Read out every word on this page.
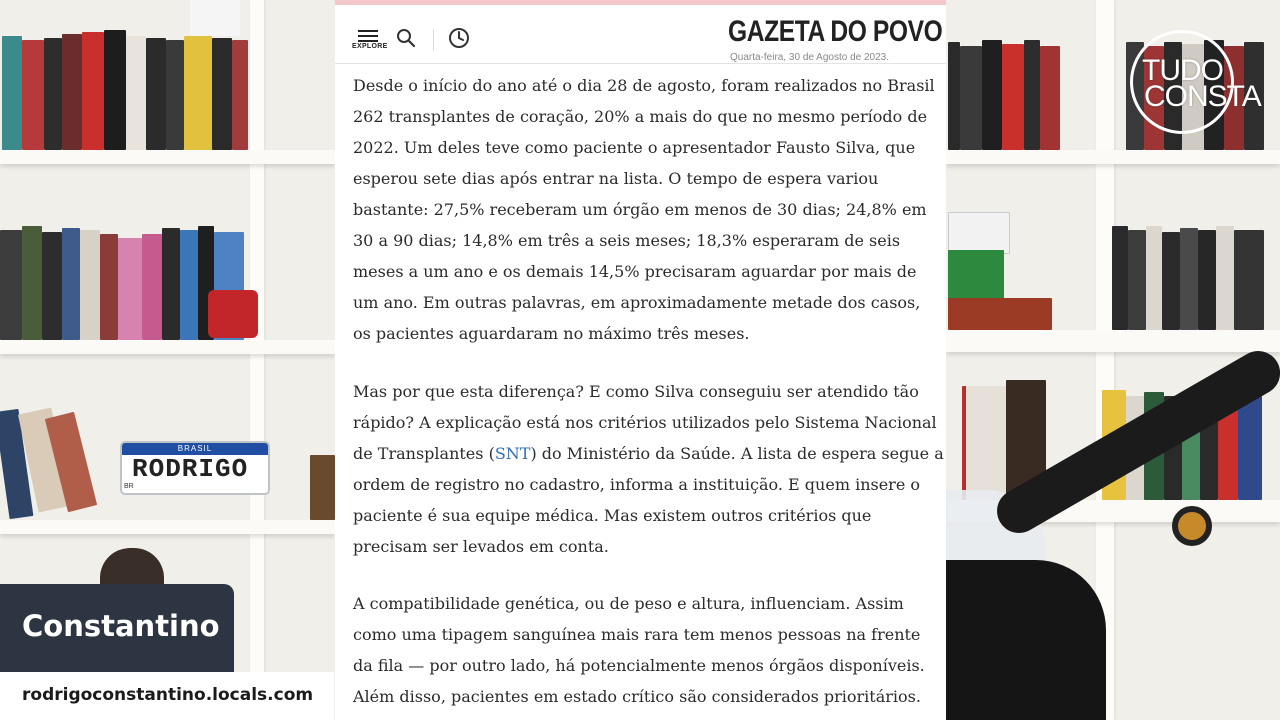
BRASIL
RODRIGO
BR
TUDO
CONSTA
EXPLORE	GAZETA DO POVO
Quarta-feira, 30 de Agosto de 2023.

Desde o início do ano até o dia 28 de agosto, foram realizados no Brasil
262 transplantes de coração, 20% a mais do que no mesmo período de
2022. Um deles teve como paciente o apresentador Fausto Silva, que
esperou sete dias após entrar na lista. O tempo de espera variou
bastante: 27,5% receberam um órgão em menos de 30 dias; 24,8% em
30 a 90 dias; 14,8% em três a seis meses; 18,3% esperaram de seis
meses a um ano e os demais 14,5% precisaram aguardar por mais de
um ano. Em outras palavras, em aproximadamente metade dos casos,
os pacientes aguardaram no máximo três meses.

Mas por que esta diferença? E como Silva conseguiu ser atendido tão
rápido? A explicação está nos critérios utilizados pelo Sistema Nacional
de Transplantes (SNT) do Ministério da Saúde. A lista de espera segue a
ordem de registro no cadastro, informa a instituição. E quem insere o
paciente é sua equipe médica. Mas existem outros critérios que
precisam ser levados em conta.

A compatibilidade genética, ou de peso e altura, influenciam. Assim
como uma tipagem sanguínea mais rara tem menos pessoas na frente
da fila — por outro lado, há potencialmente menos órgãos disponíveis.
Além disso, pacientes em estado crítico são considerados prioritários.

Constantino
rodrigoconstantino.locals.com
